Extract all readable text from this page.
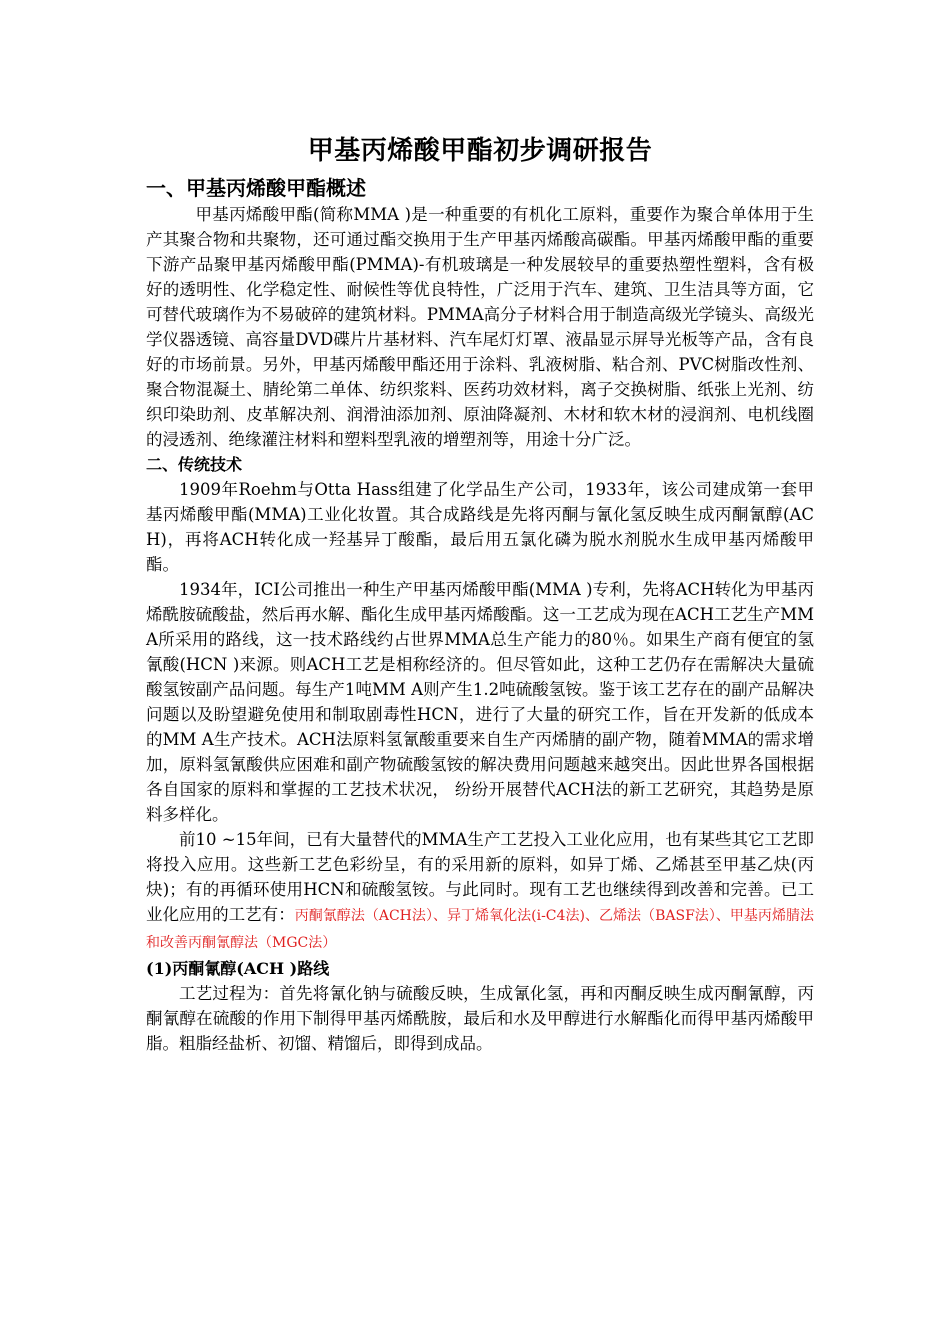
甲基丙烯酸甲酯初步调研报告
一、甲基丙烯酸甲酯概述

甲基丙烯酸甲酯(简称MMA )是一种重要的有机化工原料，重要作为聚合单体用于生产其聚合物和共聚物，还可通过酯交换用于生产甲基丙烯酸高碳酯。甲基丙烯酸甲酯的重要下游产品聚甲基丙烯酸甲酯(PMMA)-有机玻璃是一种发展较早的重要热塑性塑料，含有极好的透明性、化学稳定性、耐候性等优良特性，广泛用于汽车、建筑、卫生洁具等方面，它可替代玻璃作为不易破碎的建筑材料。PMMA高分子材料合用于制造高级光学镜头、高级光学仪器透镜、高容量DVD碟片片基材料、汽车尾灯灯罩、液晶显示屏导光板等产品，含有良好的市场前景。另外，甲基丙烯酸甲酯还用于涂料、乳液树脂、粘合剂、PVC树脂改性剂、聚合物混凝土、腈纶第二单体、纺织浆料、医药功效材料，离子交换树脂、纸张上光剂、纺织印染助剂、皮革解决剂、润滑油添加剂、原油降凝剂、木材和软木材的浸润剂、电机线圈的浸透剂、绝缘灌注材料和塑料型乳液的增塑剂等，用途十分广泛。

二、传统技术

1909年Roehm与Otta Hass组建了化学品生产公司，1933年，该公司建成第一套甲基丙烯酸甲酯(MMA)工业化妆置。其合成路线是先将丙酮与氰化氢反映生成丙酮氰醇(ACH)，再将ACH转化成一羟基异丁酸酯，最后用五氯化磷为脱水剂脱水生成甲基丙烯酸甲酯。

1934年，ICI公司推出一种生产甲基丙烯酸甲酯(MMA )专利，先将ACH转化为甲基丙烯酰胺硫酸盐，然后再水解、酯化生成甲基丙烯酸酯。这一工艺成为现在ACH工艺生产MMA所采用的路线，这一技术路线约占世界MMA总生产能力的80％。如果生产商有便宜的氢氰酸(HCN )来源。则ACH工艺是相称经济的。但尽管如此，这种工艺仍存在需解决大量硫酸氢铵副产品问题。每生产1吨MM A则产生1.2吨硫酸氢铵。鉴于该工艺存在的副产品解决问题以及盼望避免使用和制取剧毒性HCN，进行了大量的研究工作，旨在开发新的低成本的MM A生产技术。ACH法原料氢氰酸重要来自生产丙烯腈的副产物，随着MMA的需求增加，原料氢氰酸供应困难和副产物硫酸氢铵的解决费用问题越来越突出。因此世界各国根据各自国家的原料和掌握的工艺技术状况， 纷纷开展替代ACH法的新工艺研究，其趋势是原料多样化。

前10 ~15年间，已有大量替代的MMA生产工艺投入工业化应用，也有某些其它工艺即将投入应用。这些新工艺色彩纷呈，有的采用新的原料，如异丁烯、乙烯甚至甲基乙炔(丙炔)；有的再循环使用HCN和硫酸氢铵。与此同时。现有工艺也继续得到改善和完善。已工业化应用的工艺有：丙酮氰醇法（ACH法）、异丁烯氧化法(i-C4法)、乙烯法（BASF法）、甲基丙烯腈法和改善丙酮氰醇法（MGC法）

(1)丙酮氰醇(ACH )路线

工艺过程为：首先将氰化钠与硫酸反映，生成氰化氢，再和丙酮反映生成丙酮氰醇，丙酮氰醇在硫酸的作用下制得甲基丙烯酰胺，最后和水及甲醇进行水解酯化而得甲基丙烯酸甲脂。粗脂经盐析、初馏、精馏后，即得到成品。
